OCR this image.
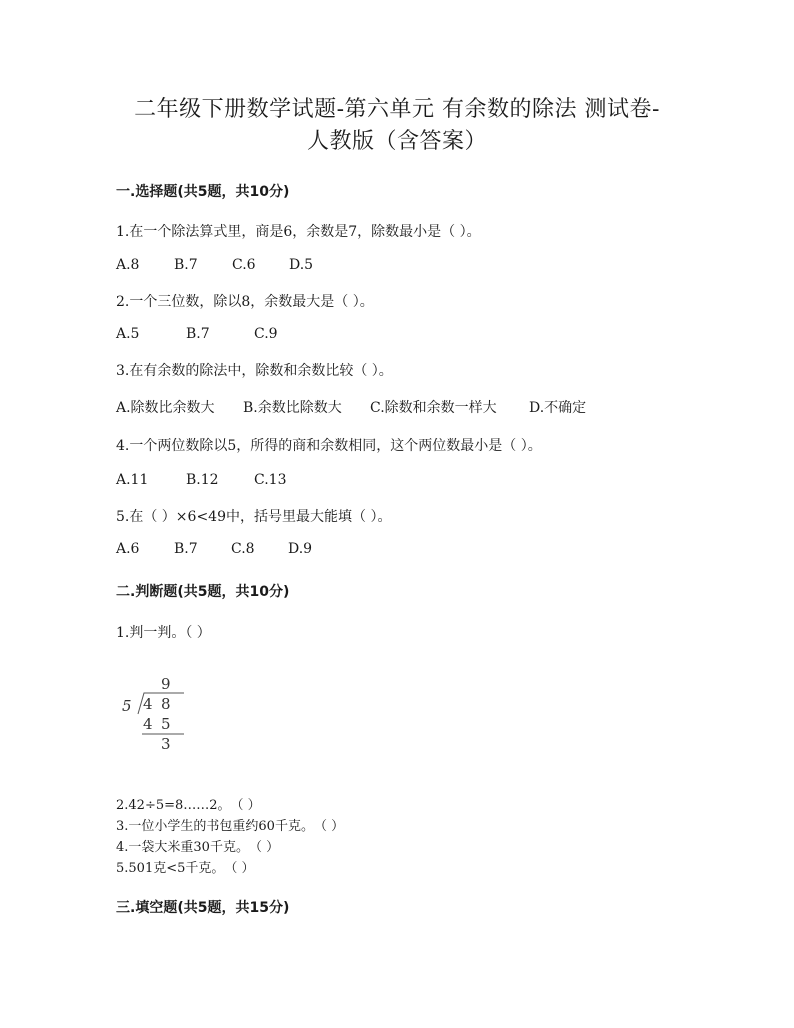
二年级下册数学试题-第六单元 有余数的除法 测试卷-
人教版（含答案）
一.选择题(共5题，共10分)
1.在一个除法算式里，商是6，余数是7，除数最小是（ ）。
A.8 B.7 C.6 D.5
2.一个三位数，除以8，余数最大是（ ）。
A.5	B.7	C.9
3.在有余数的除法中，除数和余数比较（ ）。
A.除数比余数大 B.余数比除数大 C.除数和余数一样大 D.不确定
4.一个两位数除以5，所得的商和余数相同，这个两位数最小是（ ）。
A.11	B.12	C.13
5.在（ ）×6<49中，括号里最大能填（ ）。
A.6 B.7 C.8 D.9
二.判断题(共5题，共10分)
1.判一判。（ ）
9
5 4 8
4 5
3
2.42÷5=8……2。　（ ）
3.一位小学生的书包重约60千克。　（ ）
4.一袋大米重30千克。　（ ）
5.501克<5千克。　（ ）
三.填空题(共5题，共15分)
